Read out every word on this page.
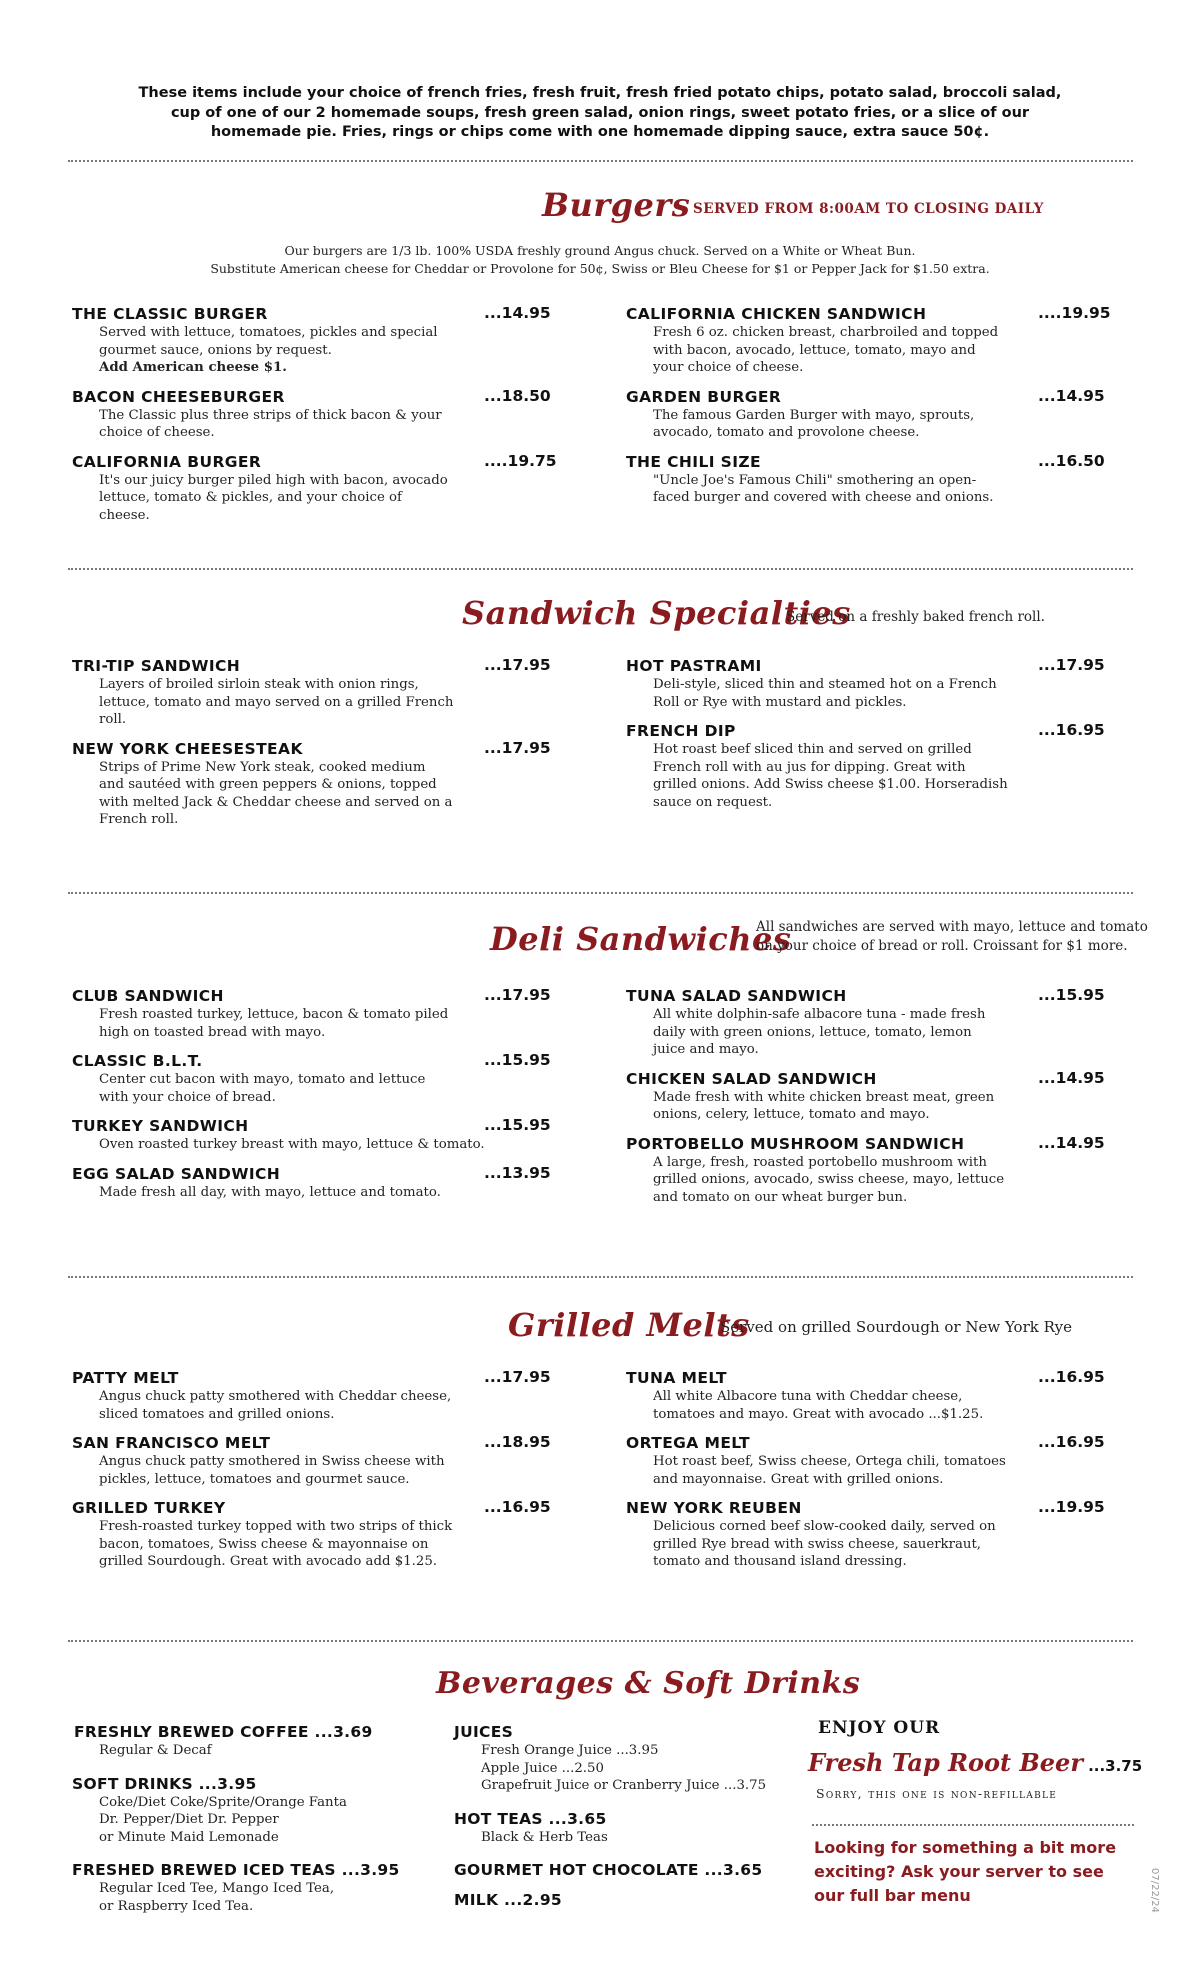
These items include your choice of french fries, fresh fruit, fresh fried potato chips, potato salad, broccoli salad, cup of one of our 2 homemade soups, fresh green salad, onion rings, sweet potato fries, or a slice of our homemade pie. Fries, rings or chips come with one homemade dipping sauce, extra sauce 50¢.
Burgers SERVED FROM 8:00AM TO CLOSING DAILY
Our burgers are 1/3 lb. 100% USDA freshly ground Angus chuck. Served on a White or Wheat Bun.
Substitute American cheese for Cheddar or Provolone for 50¢, Swiss or Bleu Cheese for $1 or Pepper Jack for $1.50 extra.
THE CLASSIC BURGER	...14.95
Served with lettuce, tomatoes, pickles and special gourmet sauce, onions by request.
Add American cheese $1.
BACON CHEESEBURGER	...18.50
The Classic plus three strips of thick bacon & your choice of cheese.
CALIFORNIA BURGER	....19.75
It's our juicy burger piled high with bacon, avocado lettuce, tomato & pickles, and your choice of cheese.
CALIFORNIA CHICKEN SANDWICH	....19.95
Fresh 6 oz. chicken breast, charbroiled and topped with bacon, avocado, lettuce, tomato, mayo and your choice of cheese.
GARDEN BURGER	...14.95
The famous Garden Burger with mayo, sprouts, avocado, tomato and provolone cheese.
THE CHILI SIZE	...16.50
"Uncle Joe's Famous Chili" smothering an open-faced burger and covered with cheese and onions.
Sandwich Specialties
Served on a freshly baked french roll.
TRI-TIP SANDWICH	...17.95
Layers of broiled sirloin steak with onion rings, lettuce, tomato and mayo served on a grilled French roll.
NEW YORK CHEESESTEAK	...17.95
Strips of Prime New York steak, cooked medium and sautéed with green peppers & onions, topped with melted Jack & Cheddar cheese and served on a French roll.
HOT PASTRAMI	...17.95
Deli-style, sliced thin and steamed hot on a French Roll or Rye with mustard and pickles.
FRENCH DIP	...16.95
Hot roast beef sliced thin and served on grilled French roll with au jus for dipping. Great with grilled onions. Add Swiss cheese $1.00. Horseradish sauce on request.
Deli Sandwiches
All sandwiches are served with mayo, lettuce and tomato on your choice of bread or roll. Croissant for $1 more.
CLUB SANDWICH	...17.95
Fresh roasted turkey, lettuce, bacon & tomato piled high on toasted bread with mayo.
CLASSIC B.L.T.	...15.95
Center cut bacon with mayo, tomato and lettuce with your choice of bread.
TURKEY SANDWICH	...15.95
Oven roasted turkey breast with mayo, lettuce & tomato.
EGG SALAD SANDWICH	...13.95
Made fresh all day, with mayo, lettuce and tomato.
TUNA SALAD SANDWICH	...15.95
All white dolphin-safe albacore tuna - made fresh daily with green onions, lettuce, tomato, lemon juice and mayo.
CHICKEN SALAD SANDWICH	...14.95
Made fresh with white chicken breast meat, green onions, celery, lettuce, tomato and mayo.
PORTOBELLO MUSHROOM SANDWICH	...14.95
A large, fresh, roasted portobello mushroom with grilled onions, avocado, swiss cheese, mayo, lettuce and tomato on our wheat burger bun.
Grilled Melts
Served on grilled Sourdough or New York Rye
PATTY MELT	...17.95
Angus chuck patty smothered with Cheddar cheese, sliced tomatoes and grilled onions.
SAN FRANCISCO MELT	...18.95
Angus chuck patty smothered in Swiss cheese with pickles, lettuce, tomatoes and gourmet sauce.
GRILLED TURKEY	...16.95
Fresh-roasted turkey topped with two strips of thick bacon, tomatoes, Swiss cheese & mayonnaise on grilled Sourdough. Great with avocado add $1.25.
TUNA MELT	...16.95
All white Albacore tuna with Cheddar cheese, tomatoes and mayo. Great with avocado ...$1.25.
ORTEGA MELT	...16.95
Hot roast beef, Swiss cheese, Ortega chili, tomatoes and mayonnaise. Great with grilled onions.
NEW YORK REUBEN	...19.95
Delicious corned beef slow-cooked daily, served on grilled Rye bread with swiss cheese, sauerkraut, tomato and thousand island dressing.
Beverages & Soft Drinks
FRESHLY BREWED COFFEE ...3.69
Regular & Decaf
SOFT DRINKS ...3.95
Coke/Diet Coke/Sprite/Orange Fanta
Dr. Pepper/Diet Dr. Pepper
or Minute Maid Lemonade
FRESHED BREWED ICED TEAS ...3.95
Regular Iced Tee, Mango Iced Tea,
or Raspberry Iced Tea.
JUICES
Fresh Orange Juice ...3.95
Apple Juice ...2.50
Grapefruit Juice or Cranberry Juice ...3.75
HOT TEAS ...3.65
Black & Herb Teas
GOURMET HOT CHOCOLATE ...3.65
MILK ...2.95
ENJOY OUR
Fresh Tap Root Beer ...3.75
Sorry, this one is non-refillable
Looking for something a bit more exciting? Ask your server to see our full bar menu	07/22/24
